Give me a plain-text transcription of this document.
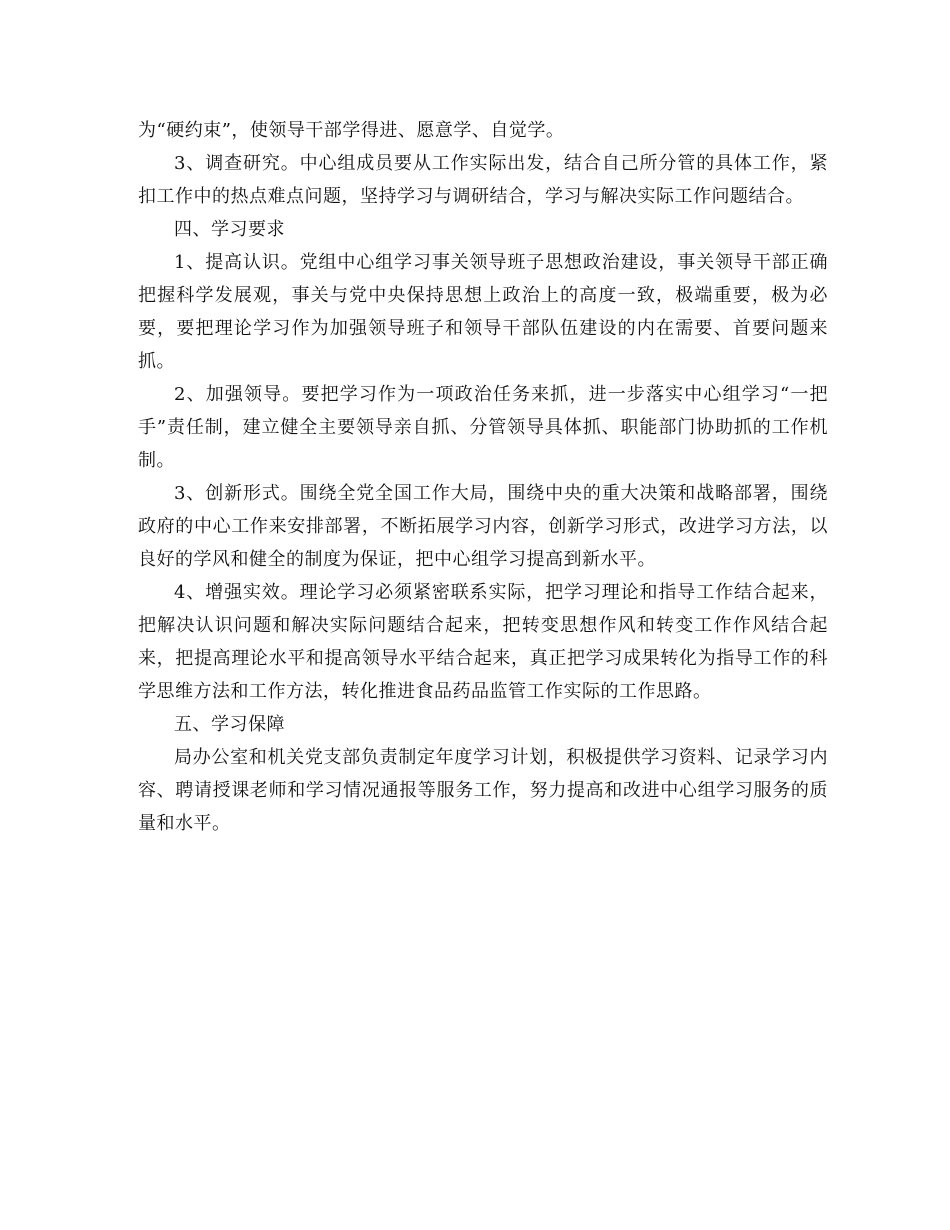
为“硬约束”，使领导干部学得进、愿意学、自觉学。

3、调查研究。中心组成员要从工作实际出发，结合自己所分管的具体工作，紧扣工作中的热点难点问题，坚持学习与调研结合，学习与解决实际工作问题结合。

四、学习要求

1、提高认识。党组中心组学习事关领导班子思想政治建设，事关领导干部正确把握科学发展观，事关与党中央保持思想上政治上的高度一致，极端重要，极为必要，要把理论学习作为加强领导班子和领导干部队伍建设的内在需要、首要问题来抓。

2、加强领导。要把学习作为一项政治任务来抓，进一步落实中心组学习“一把手”责任制，建立健全主要领导亲自抓、分管领导具体抓、职能部门协助抓的工作机制。

3、创新形式。围绕全党全国工作大局，围绕中央的重大决策和战略部署，围绕政府的中心工作来安排部署，不断拓展学习内容，创新学习形式，改进学习方法，以良好的学风和健全的制度为保证，把中心组学习提高到新水平。

4、增强实效。理论学习必须紧密联系实际，把学习理论和指导工作结合起来，把解决认识问题和解决实际问题结合起来，把转变思想作风和转变工作作风结合起来，把提高理论水平和提高领导水平结合起来，真正把学习成果转化为指导工作的科学思维方法和工作方法，转化推进食品药品监管工作实际的工作思路。

五、学习保障

局办公室和机关党支部负责制定年度学习计划，积极提供学习资料、记录学习内容、聘请授课老师和学习情况通报等服务工作，努力提高和改进中心组学习服务的质量和水平。
